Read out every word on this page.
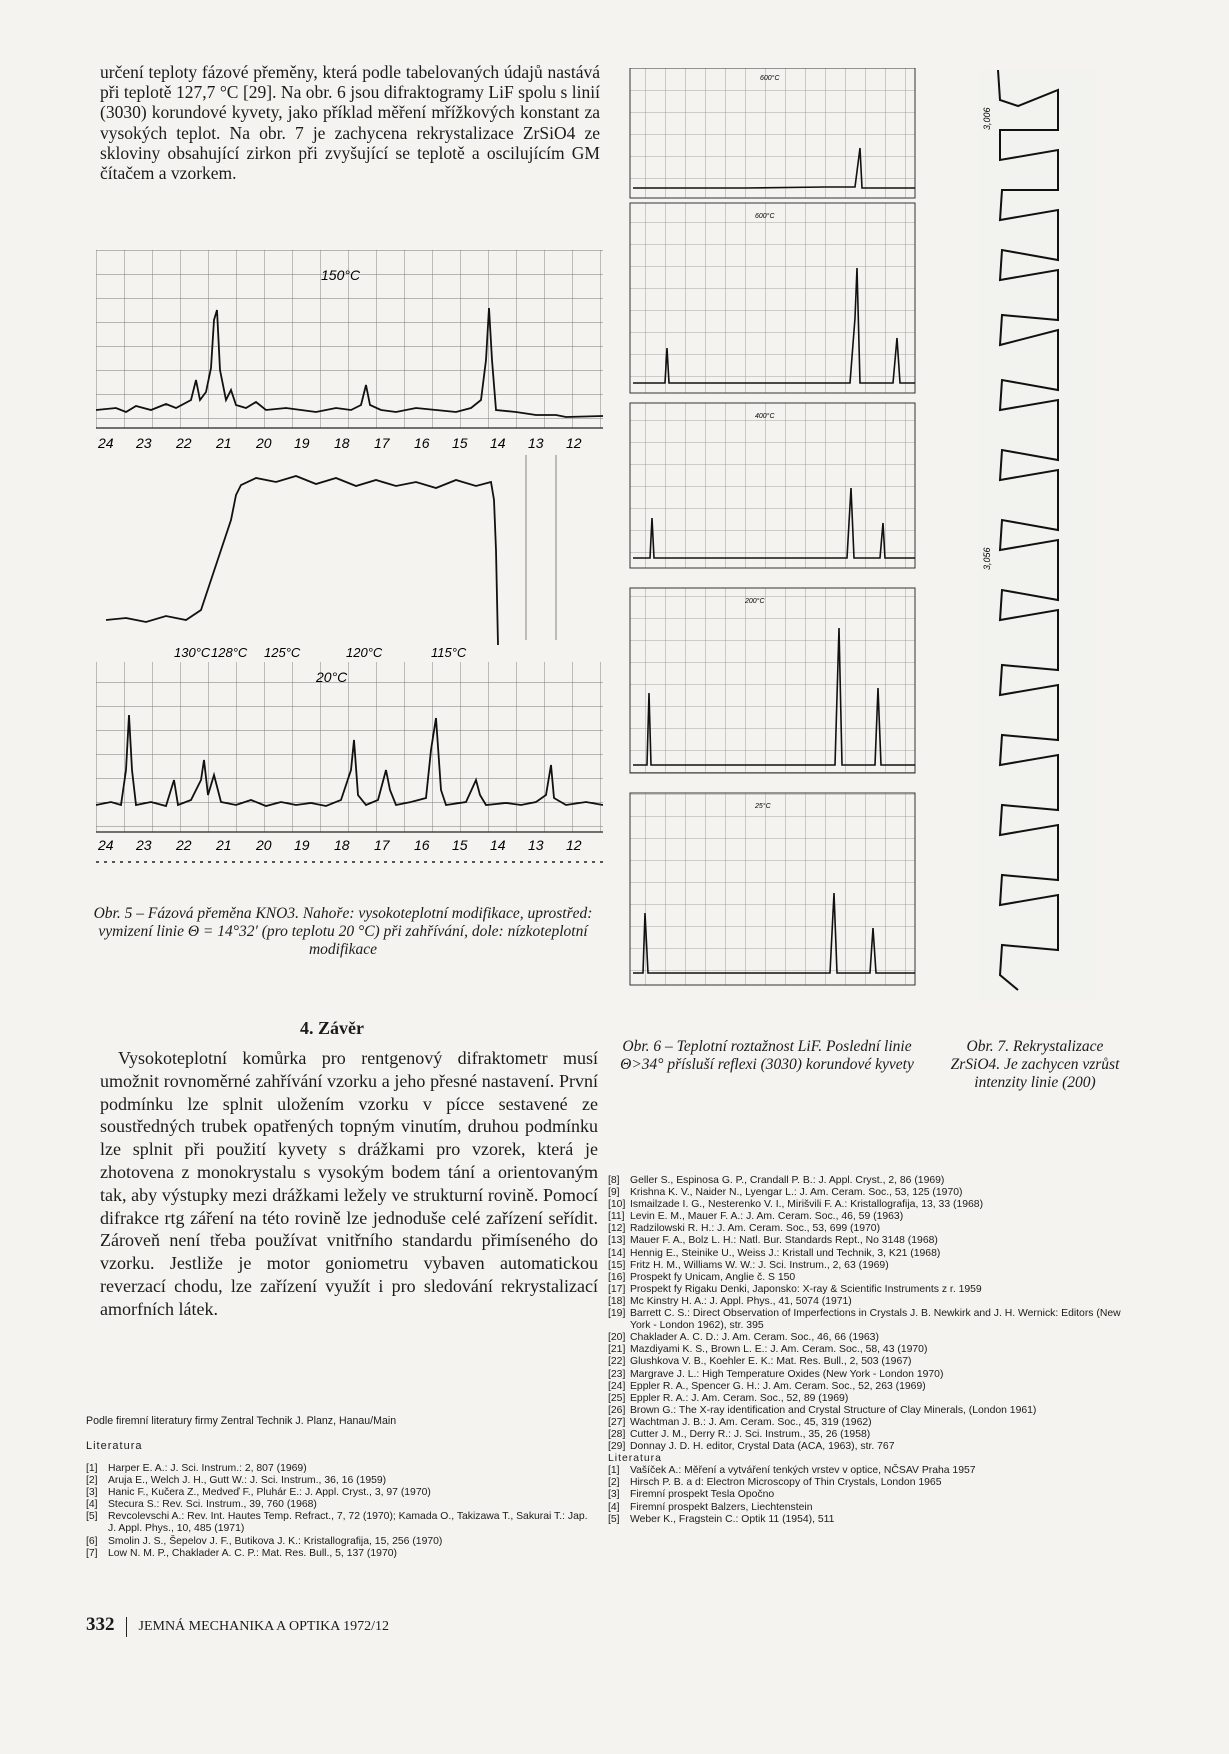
určení teploty fázové přeměny, která podle tabelovaných údajů nastává při teplotě 127,7 °C [29]. Na obr. 6 jsou difraktogramy LiF spolu s linií (3030) korundové kyvety, jako příklad měření mřížkových konstant za vysokých teplot. Na obr. 7 je zachycena rekrystalizace ZrSiO4 ze skloviny obsahující zirkon při zvyšující se teplotě a oscilujícím GM čítačem a vzorkem.
150°C
24 23 22 21 20 19 18 17 16 15 14 13 12
130°C 128°C 125°C	120°C	115°C
20°C
24 23 22 21 20 19 18 17 16 15 14 13 12
Obr. 5 – Fázová přeměna KNO3. Nahoře: vysokoteplotní modifikace, uprostřed: vymizení linie Θ = 14°32′ (pro teplotu 20 °C) při zahřívání, dole: nízkoteplotní modifikace
600°C
600°C
400°C
200°C
25°C
Obr. 6 – Teplotní roztažnost LiF. Poslední linie Θ>34° přísluší reflexi (3030) korundové kyvety
3,006
3,056
Obr. 7. Rekrystalizace ZrSiO4. Je zachycen vzrůst intenzity linie (200)
4. Závěr
Vysokoteplotní komůrka pro rentgenový difraktometr musí umožnit rovnoměrné zahřívání vzorku a jeho přesné nastavení. První podmínku lze splnit uložením vzorku v pícce sestavené ze soustředných trubek opatřených topným vinutím, druhou podmínku lze splnit při použití kyvety s drážkami pro vzorek, která je zhotovena z monokrystalu s vysokým bodem tání a orientovaným tak, aby výstupky mezi drážkami ležely ve strukturní rovině. Pomocí difrakce rtg záření na této rovině lze jednoduše celé zařízení seřídit. Zároveň není třeba používat vnitřního standardu přimíseného do vzorku. Jestliže je motor goniometru vybaven automatickou reverzací chodu, lze zařízení využít i pro sledování rekrystalizací amorfních látek.
Podle firemní literatury firmy Zentral Technik J. Planz, Hanau/Main
Literatura
[1]	Harper E. A.: J. Sci. Instrum.: 2, 807 (1969)
[2]	Aruja E., Welch J. H., Gutt W.: J. Sci. Instrum., 36, 16 (1959)
[3]	Hanic F., Kučera Z., Medveď F., Pluhár E.: J. Appl. Cryst., 3, 97 (1970)
[4]	Stecura S.: Rev. Sci. Instrum., 39, 760 (1968)
[5]	Revcolevschi A.: Rev. Int. Hautes Temp. Refract., 7, 72 (1970); Kamada O., Takizawa T., Sakurai T.: Jap. J. Appl. Phys., 10, 485 (1971)
[6]	Smolin J. S., Šepelov J. F., Butikova J. K.: Kristallografija, 15, 256 (1970)
[7]	Low N. M. P., Chaklader A. C. P.: Mat. Res. Bull., 5, 137 (1970)
[8]	Geller S., Espinosa G. P., Crandall P. B.: J. Appl. Cryst., 2, 86 (1969)
[9]	Krishna K. V., Naider N., Lyengar L.: J. Am. Ceram. Soc., 53, 125 (1970)
[10] Ismailzade I. G., Nesterenko V. I., Mirišvili F. A.: Kristallografija, 13, 33 (1968)
[11] Levin E. M., Mauer F. A.: J. Am. Ceram. Soc., 46, 59 (1963)
[12] Radzilowski R. H.: J. Am. Ceram. Soc., 53, 699 (1970)
[13] Mauer F. A., Bolz L. H.: Natl. Bur. Standards Rept., No 3148 (1968)
[14] Hennig E., Steinike U., Weiss J.: Kristall und Technik, 3, K21 (1968)
[15] Fritz H. M., Williams W. W.: J. Sci. Instrum., 2, 63 (1969)
[16] Prospekt fy Unicam, Anglie č. S 150
[17] Prospekt fy Rigaku Denki, Japonsko: X-ray & Scientific Instruments z r. 1959
[18] Mc Kinstry H. A.: J. Appl. Phys., 41, 5074 (1971)
[19] Barrett C. S.: Direct Observation of Imperfections in Crystals J. B. Newkirk and J. H. Wernick: Editors (New York - London 1962), str. 395
[20] Chaklader A. C. D.: J. Am. Ceram. Soc., 46, 66 (1963)
[21] Mazdiyami K. S., Brown L. E.: J. Am. Ceram. Soc., 58, 43 (1970)
[22] Glushkova V. B., Koehler E. K.: Mat. Res. Bull., 2, 503 (1967)
[23] Margrave J. L.: High Temperature Oxides (New York - London 1970)
[24] Eppler R. A., Spencer G. H.: J. Am. Ceram. Soc., 52, 263 (1969)
[25] Eppler R. A.: J. Am. Ceram. Soc., 52, 89 (1969)
[26] Brown G.: The X-ray identification and Crystal Structure of Clay Minerals, (London 1961)
[27] Wachtman J. B.: J. Am. Ceram. Soc., 45, 319 (1962)
[28] Cutter J. M., Derry R.: J. Sci. Instrum., 35, 26 (1958)
[29] Donnay J. D. H. editor, Crystal Data (ACA, 1963), str. 767
Literatura
[1]	Vašíček A.: Měření a vytváření tenkých vrstev v optice, NČSAV Praha 1957
[2]	Hirsch P. B. a d: Electron Microscopy of Thin Crystals, London 1965
[3]	Firemní prospekt Tesla Opočno
[4]	Firemní prospekt Balzers, Liechtenstein
[5]	Weber K., Fragstein C.: Optik 11 (1954), 511
332 JEMNÁ MECHANIKA A OPTIKA 1972/12
